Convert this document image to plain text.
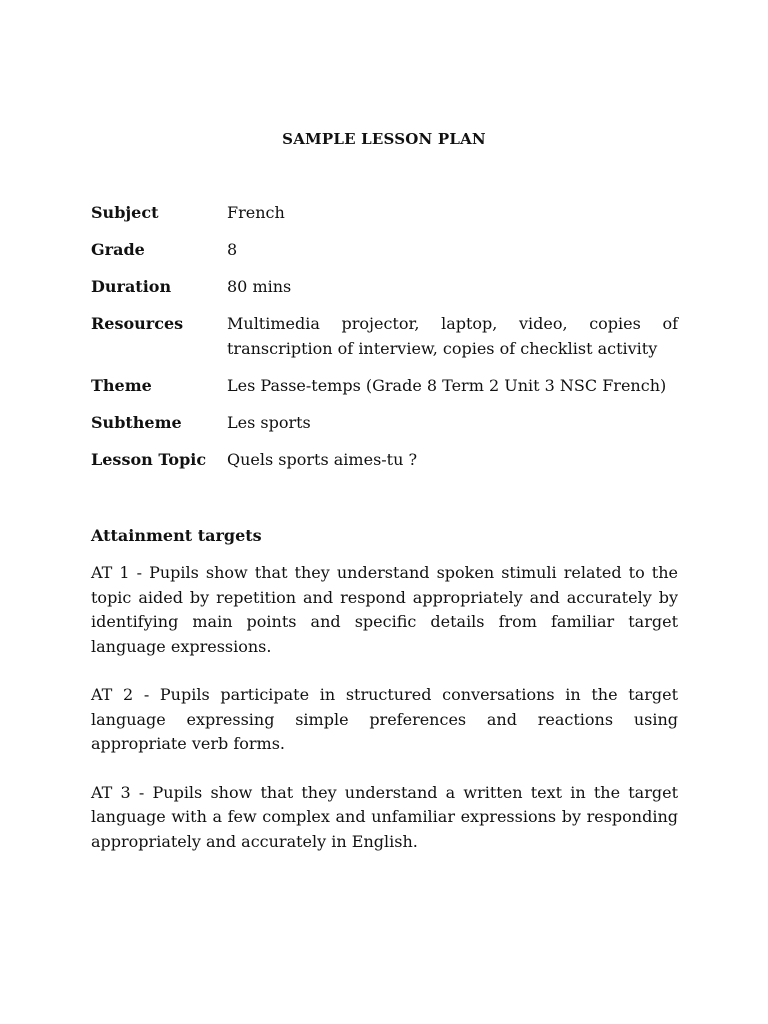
SAMPLE LESSON PLAN
Subject	French
Grade	8
Duration	80 mins
Resources	Multimedia projector, laptop, video, copies of transcription of interview, copies of checklist activity
Theme	Les Passe-temps (Grade 8 Term 2 Unit 3 NSC French)
Subtheme	Les sports
Lesson Topic	Quels sports aimes-tu ?
Attainment targets

AT 1 - Pupils show that they understand spoken stimuli related to the topic aided by repetition and respond appropriately and accurately by identifying main points and specific details from familiar target language expressions.

AT 2 - Pupils participate in structured conversations in the target language expressing simple preferences and reactions using appropriate verb forms.

AT 3 - Pupils show that they understand a written text in the target language with a few complex and unfamiliar expressions by responding appropriately and accurately in English.
